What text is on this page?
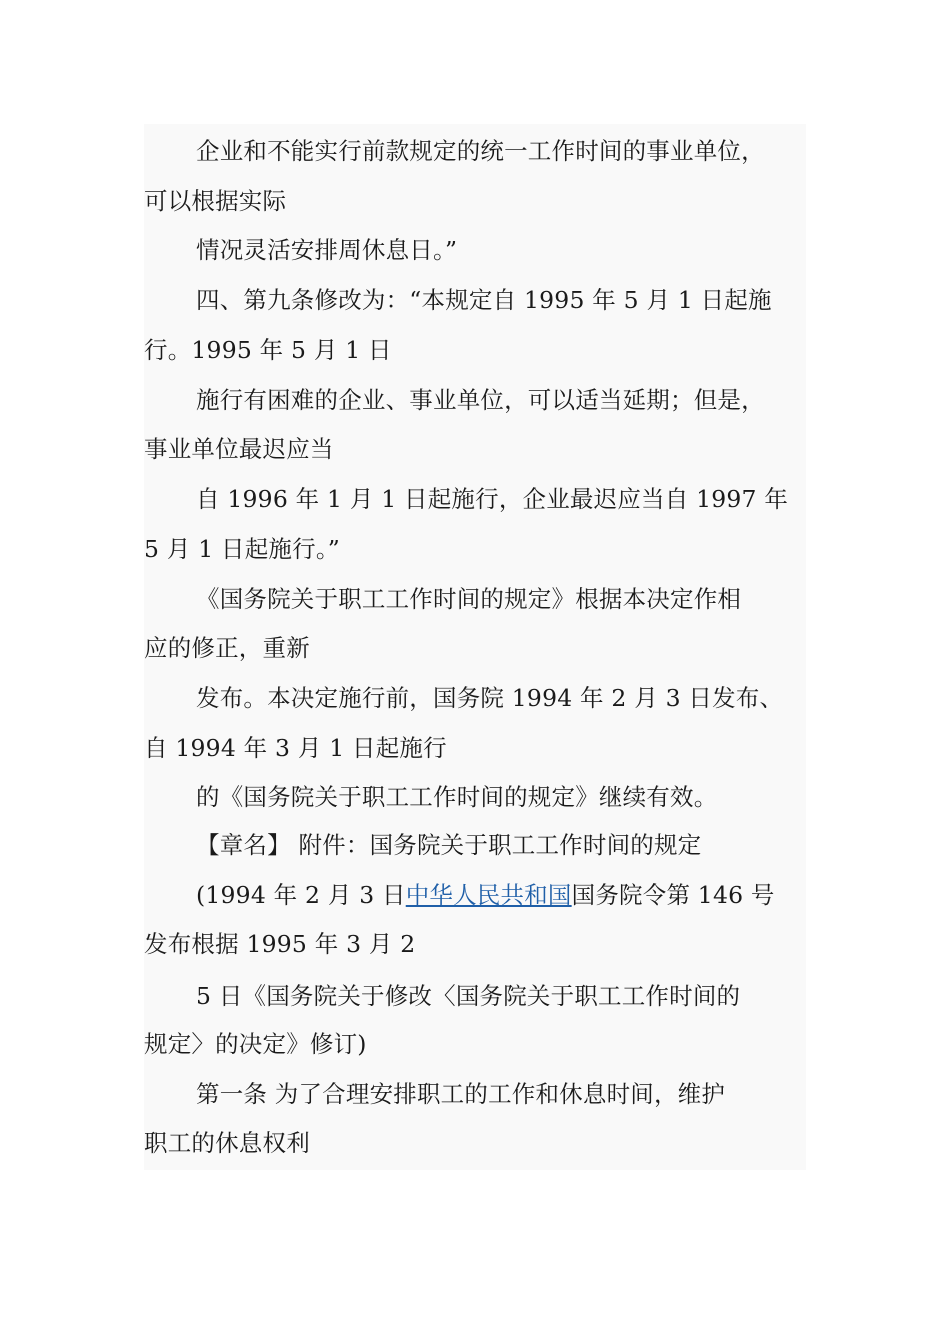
企业和不能实行前款规定的统一工作时间的事业单位，
可以根据实际
情况灵活安排周休息日。”
四、第九条修改为：“本规定自 1995 年 5 月 1 日起施
行。1995 年 5 月 1 日
施行有困难的企业、事业单位，可以适当延期；但是，
事业单位最迟应当
自 1996 年 1 月 1 日起施行，企业最迟应当自 1997 年
5 月 1 日起施行。”
《国务院关于职工工作时间的规定》根据本决定作相
应的修正，重新
发布。本决定施行前，国务院 1994 年 2 月 3 日发布、
自 1994 年 3 月 1 日起施行
的《国务院关于职工工作时间的规定》继续有效。
【章名】 附件：国务院关于职工工作时间的规定
(1994 年 2 月 3 日中华人民共和国国务院令第 146 号
发布根据 1995 年 3 月 2
5 日《国务院关于修改〈国务院关于职工工作时间的
规定〉的决定》修订)
第一条 为了合理安排职工的工作和休息时间，维护
职工的休息权利
